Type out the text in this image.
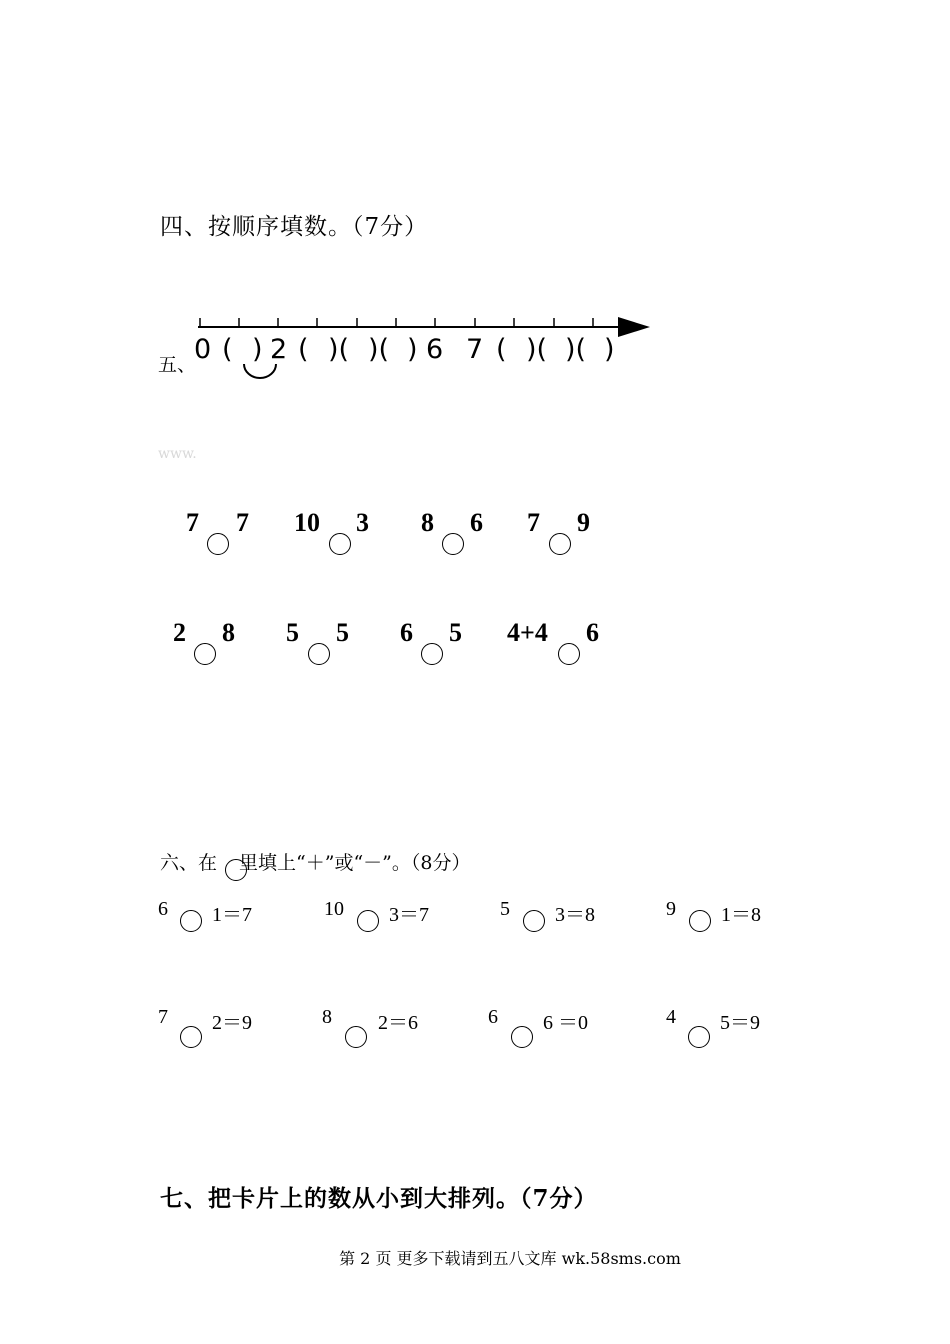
四、按顺序填数。（7分）
0 ( ) 2 ( )( )( ) 6 7 ( )( )( )
五、
www.
7 7 10 3 8 6 7 9
2 8 5 5 6 5 4+4 6
六、在 里填上“＋”或“－”。（8分）
6 1＝7	10 3＝7	5 3＝8	9 1＝8
7 2＝9	8 2＝6	6 6 ＝0	4 5＝9
七、把卡片上的数从小到大排列。（7分）
第 2 页 更多下载请到五八文库 wk.58sms.com
